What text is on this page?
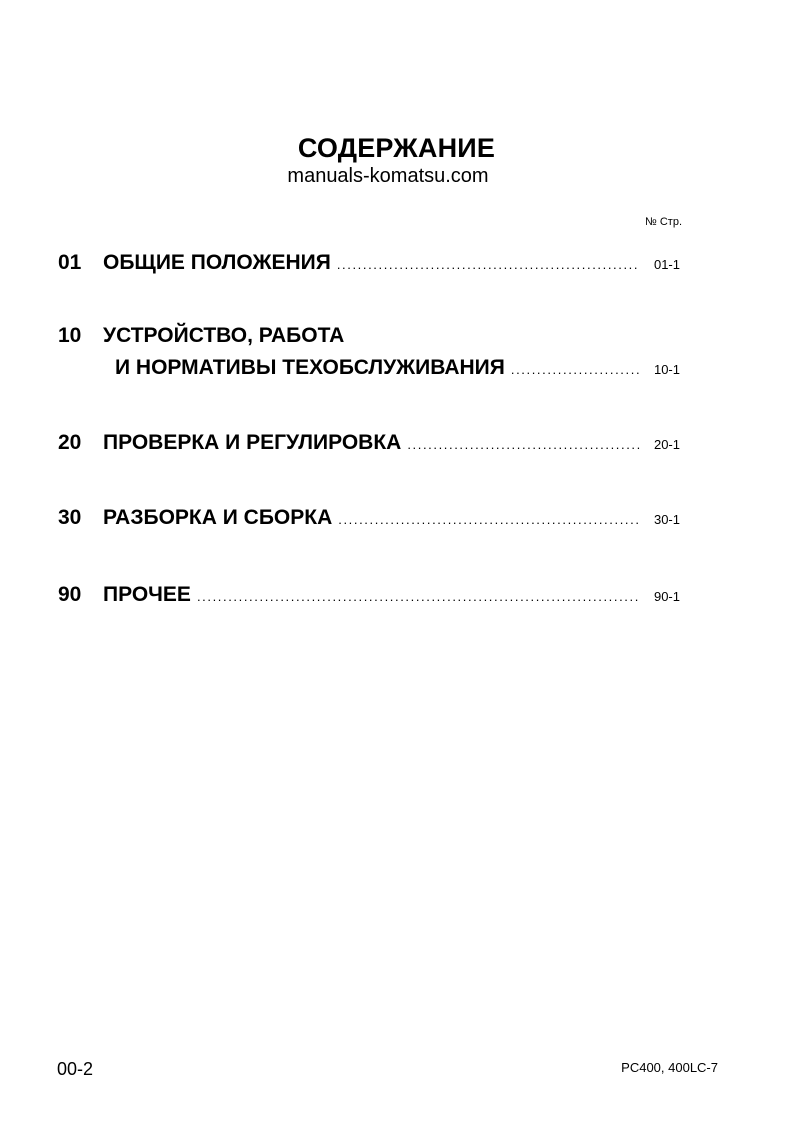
СОДЕРЖАНИЕ
manuals-komatsu.com
№ Стр.
01	ОБЩИЕ ПОЛОЖЕНИЯ .....	01-1
10	УСТРОЙСТВО, РАБОТА
И НОРМАТИВЫ ТЕХОБСЛУЖИВАНИЯ .....	10-1
20	ПРОВЕРКА И РЕГУЛИРОВКА .....	20-1
30	РАЗБОРКА И СБОРКА .....	30-1
90	ПРОЧЕЕ .....	90-1
00-2	PC400, 400LC-7
